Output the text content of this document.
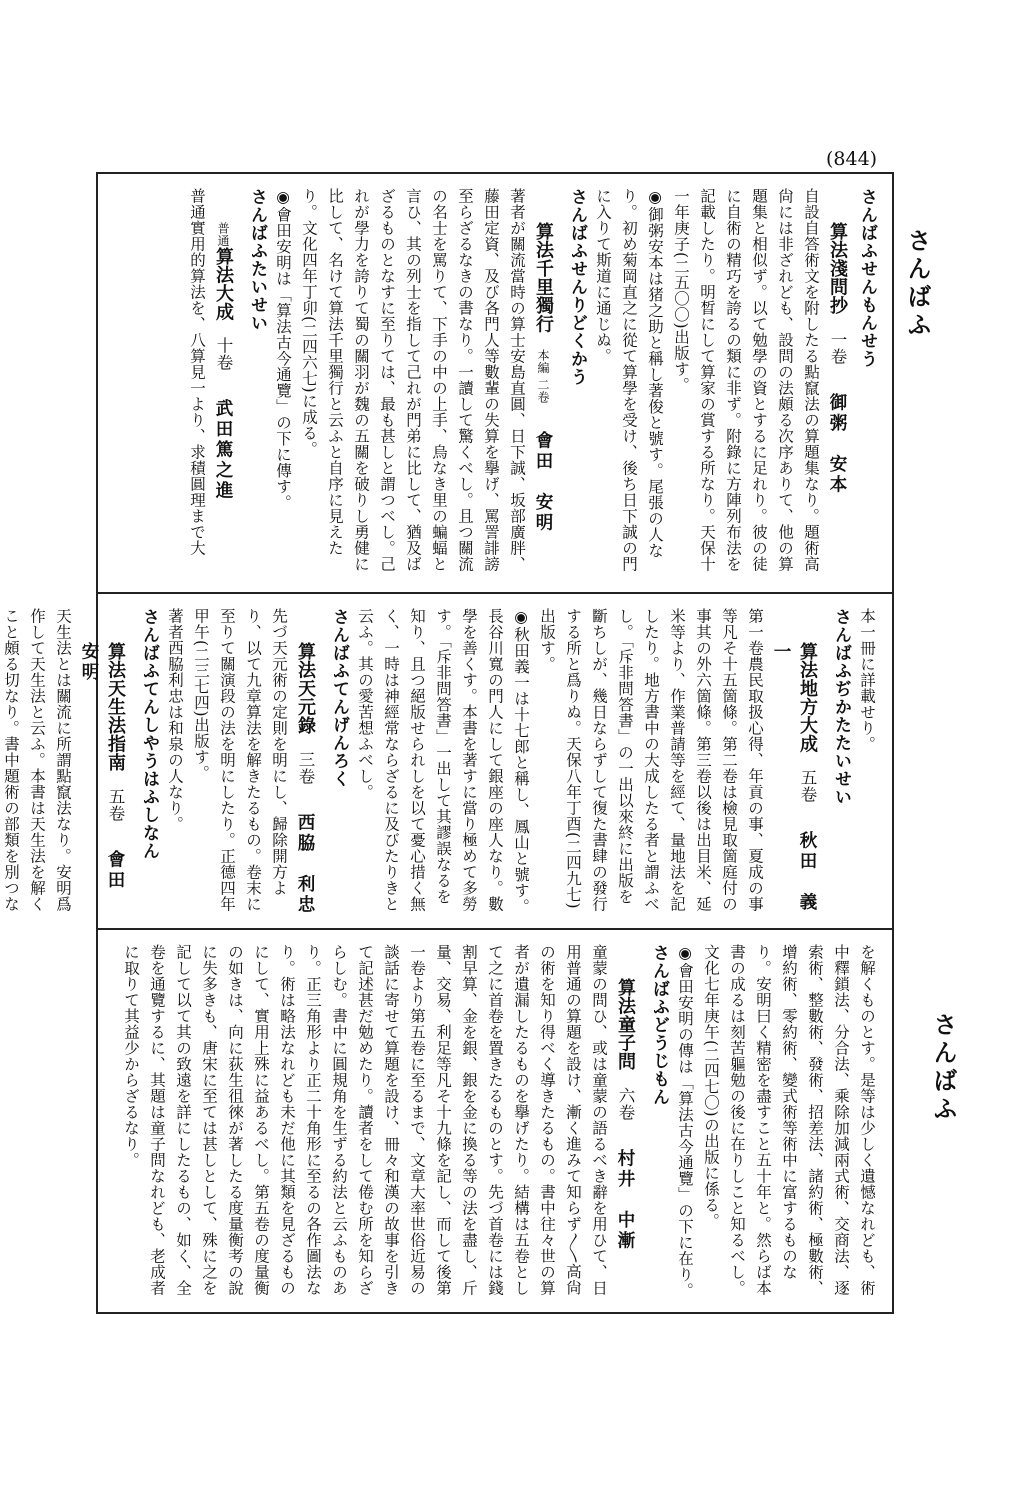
(844)
さんばふ
さんばふ
さんばふせんもんせう
算法淺問抄一卷御粥　安本
自設自答術文を附したる點竄法の算題集なり。題術高尙には非ざれども、設問の法頗る次序ありて、他の算題集と相似ず。以て勉學の資とするに足れり。彼の徒に自術の精巧を誇るの類に非ず。附錄に方陣列布法を記載したり。明晳にして算家の賞する所なり。天保十一年庚子(二五〇〇)出版す。
◉御粥安本は猪之助と稱し著俊と號す。尾張の人なり。初め菊岡直之に從て算學を受け、後ち日下誠の門に入りて斯道に通じぬ。
さんばふせんりどくかう
算法千里獨行本編 二卷會田　安明
著者が關流當時の算士安島直圓、日下誠、坂部廣胖、藤田定資、及び各門人等數輩の失算を擧げ、罵詈誹謗至らざるなきの書なり。一讀して驚くべし。且つ關流の名士を罵りて、下手の中の上手、烏なき里の蝙蝠と言ひ、其の列士を指して己れが門弟に比して、猶及ばざるものとなすに至りては、最も甚しと謂つべし。己れが學力を誇りて蜀の關羽が魏の五關を破りし勇健に比して、名けて算法千里獨行と云ふと自序に見えたり。文化四年丁卯(二四六七)に成る。
◉會田安明は「算法古今通覽」の下に傳す。
さんばふたいせい
普通算法大成十卷武田篤之進
普通實用的算法を、八算見一より、求積圓理まで大
本一冊に詳載せり。
さんばふぢかたたいせい
算法地方大成五卷秋田　義一
第一卷農民取扱心得、年貢の事、夏成の事等凡そ十五箇條。第二卷は檢見取箇庭付の事其の外六箇條。第三卷以後は出目米、延米等より、作業普請等を經て、量地法を記したり。地方書中の大成したる者と謂ふべし。「斥非問答書」の一出以來終に出版を斷ちしが、幾日ならずして復た書肆の發行する所と爲りぬ。天保八年丁酉(二四九七)出版す。
◉秋田義一は十七郎と稱し、鳳山と號す。長谷川寬の門人にして銀座の座人なり。數學を善くす。本書を著すに當り極めて多勞す。「斥非問答書」一出して其謬誤なるを知り、且つ絕版せられしを以て憂心措く無く、一時は神經常ならざるに及びたりきと云ふ。其の愛苦想ふべし。
さんばふてんげんろく
算法天元錄三卷西脇　利忠
先づ天元術の定則を明にし、歸除開方より、以て九章算法を解きたるもの。卷末に至りて關演段の法を明にしたり。正德四年甲午(二三七四)出版す。
著者西脇利忠は和泉の人なり。
さんばふてんしやうはふしなん
算法天生法指南五卷會田　安明
天生法とは關流に所謂點竄法なり。安明爲作して天生法と云ふ。本書は天生法を解くこと頗る切なり。書中題術の部類を別つな
を解くものとす。是等は少しく遺憾なれども、術中釋鎖法、分合法、乘除加減兩式術、交商法、逐索術、整數術、發術、招差法、諸約術、極數術、增約術、零約術、變式術等術中に富するものなり。安明曰く精密を盡すこと五十年と。然らば本書の成るは刻苦軀勉の後に在りしこと知るべし。文化七年庚午(二四七〇)の出版に係る。
◉會田安明の傳は「算法古今通覽」の下に在り。
さんばふどうじもん
算法童子問六卷村井　中漸
童蒙の問ひ、或は童蒙の語るべき辭を用ひて、日用普通の算題を設け、漸く進みて知らず〳〵高尙の術を知り得べく導きたるもの。書中往々世の算者が遺漏したるものを擧げたり。結構は五卷として之に首卷を置きたるものとす。先づ首卷には錢割早算、金を銀、銀を金に換る等の法を盡し、斤量、交易、利足等凡そ十九條を記し、而して後第一卷より第五卷に至るまで、文章大率世俗近易の談話に寄せて算題を設け、冊々和漢の故事を引きて記述甚だ勉めたり。讀者をして倦む所を知らざらしむ。書中に圓規角を生ずる約法と云ふものあり。正三角形より正二十角形に至るの各作圖法なり。術は略法なれども未だ他に其類を見ざるものにして、實用上殊に益あるべし。第五卷の度量衡の如きは、向に荻生徂徠が著したる度量衡考の說に失多きも、唐宋に至ては甚しとして、殊に之を記して以て其の致遠を詳にしたるもの、如く、全卷を通覽するに、其題は童子問なれども、老成者に取りて其益少からざるなり。
